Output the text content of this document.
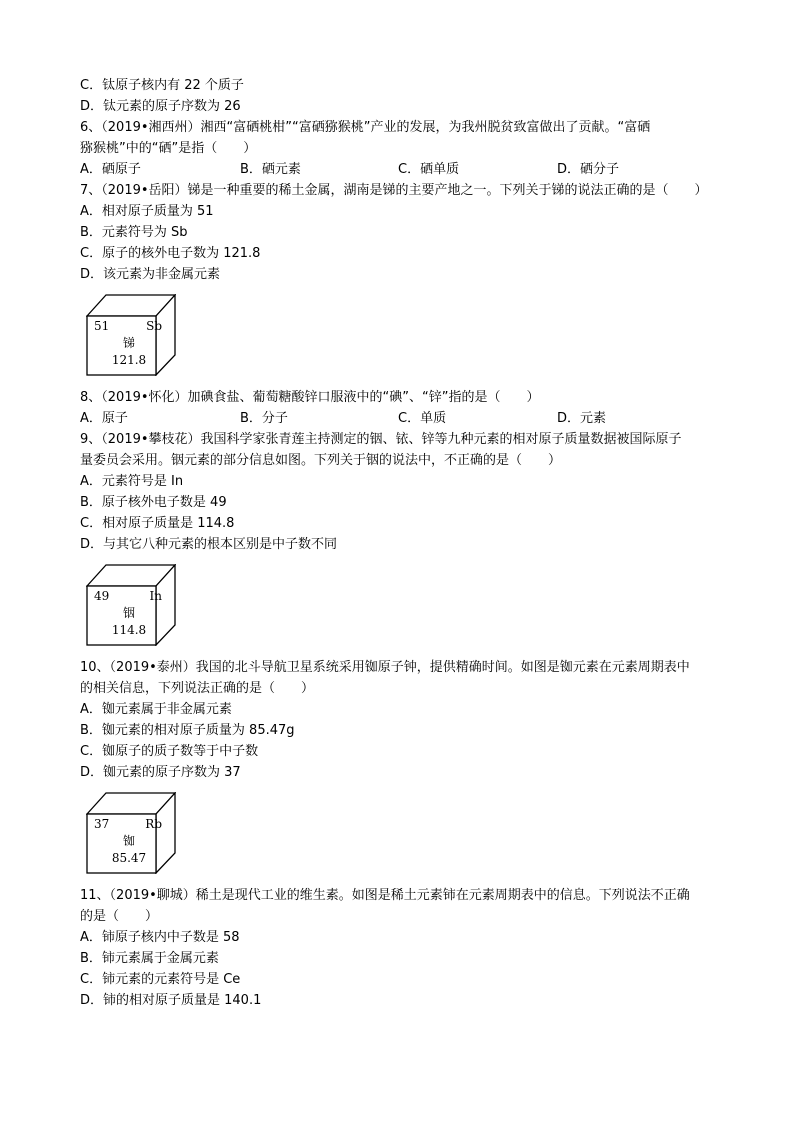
C．钛原子核内有 22 个质子
D．钛元素的原子序数为 26
6、（2019•湘西州）湘西“富硒桃柑”“富硒猕猴桃”产业的发展，为我州脱贫致富做出了贡献。“富硒
猕猴桃”中的“硒”是指（　　）
A．硒原子	B．硒元素	C．硒单质	D．硒分子
7、（2019•岳阳）锑是一种重要的稀土金属，湖南是锑的主要产地之一。下列关于锑的说法正确的是（　　）
A．相对原子质量为 51
B．元素符号为 Sb
C．原子的核外电子数为 121.8
D．该元素为非金属元素
51	Sb
锑
121.8
8、（2019•怀化）加碘食盐、葡萄糖酸锌口服液中的“碘”、“锌”指的是（　　）
A．原子	B．分子	C．单质	D．元素
9、（2019•攀枝花）我国科学家张青莲主持测定的铟、铱、锌等九种元素的相对原子质量数据被国际原子
量委员会采用。铟元素的部分信息如图。下列关于铟的说法中，不正确的是（　　）
A．元素符号是 In
B．原子核外电子数是 49
C．相对原子质量是 114.8
D．与其它八种元素的根本区别是中子数不同
49	In
铟
114.8
10、（2019•泰州）我国的北斗导航卫星系统采用铷原子钟，提供精确时间。如图是铷元素在元素周期表中
的相关信息，下列说法正确的是（　　）
A．铷元素属于非金属元素
B．铷元素的相对原子质量为 85.47g
C．铷原子的质子数等于中子数
D．铷元素的原子序数为 37
37	Rb
铷
85.47
11、（2019•聊城）稀土是现代工业的维生素。如图是稀土元素铈在元素周期表中的信息。下列说法不正确
的是（　　）
A．铈原子核内中子数是 58
B．铈元素属于金属元素
C．铈元素的元素符号是 Ce
D．铈的相对原子质量是 140.1
